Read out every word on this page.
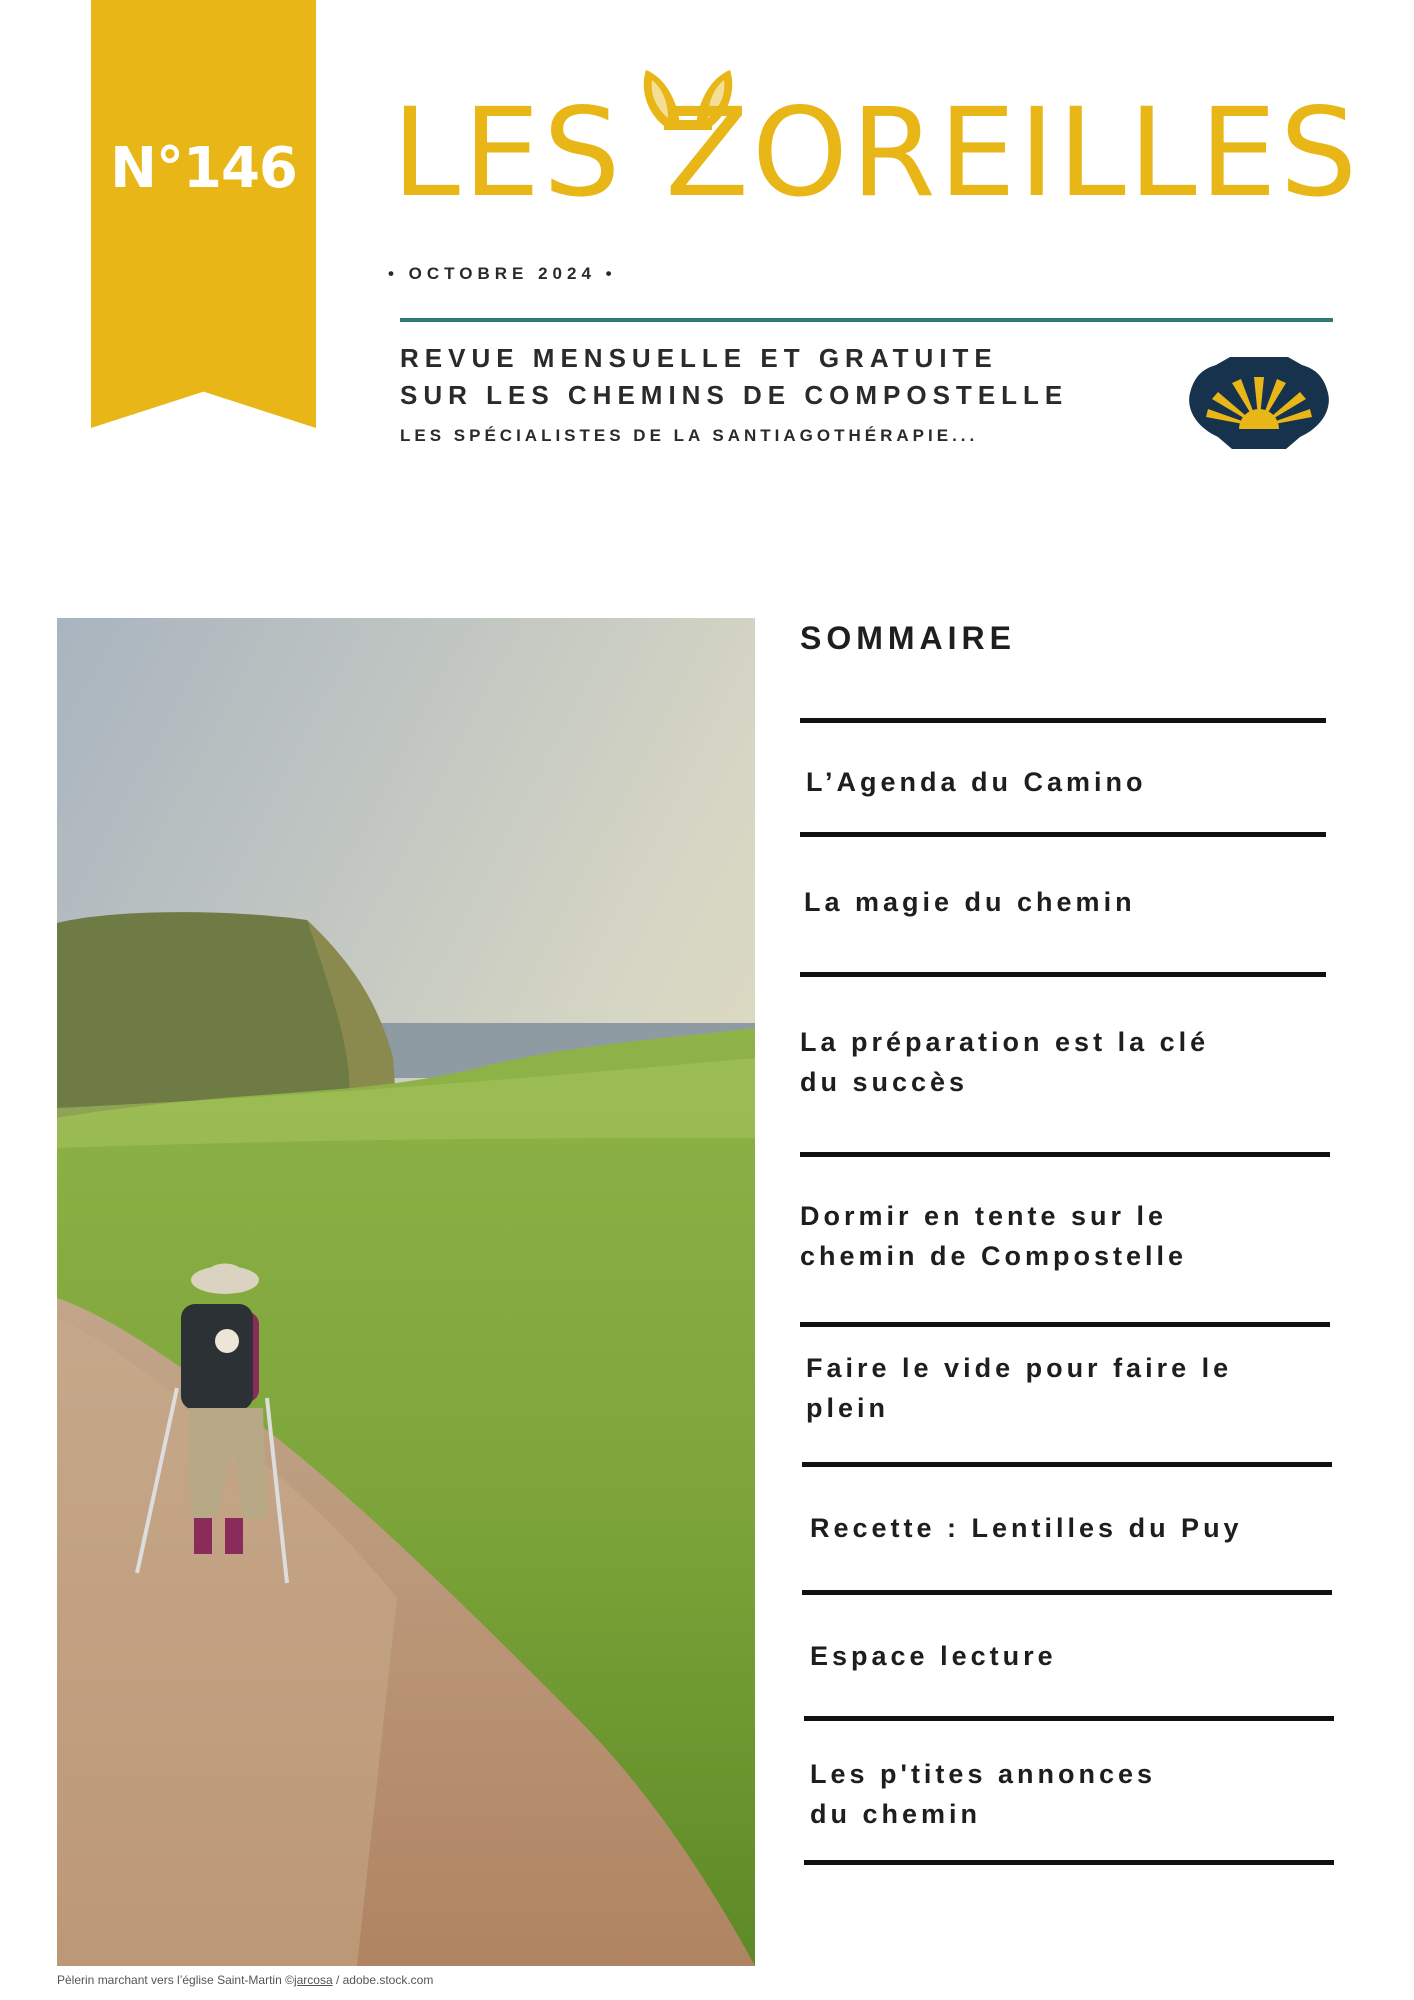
N°146 LES ZOREILLES
• OCTOBRE 2024 •
REVUE MENSUELLE ET GRATUITE
SUR LES CHEMINS DE COMPOSTELLE
LES SPÉCIALISTES DE LA SANTIAGOTHÉRAPIE...
Pèlerin marchant vers l’église Saint-Martin ©jarcosa / adobe.stock.com
SOMMAIRE
L’Agenda du Camino
La magie du chemin
La préparation est la clé
du succès
Dormir en tente sur le
chemin de Compostelle
Faire le vide pour faire le
plein
Recette : Lentilles du Puy
Espace lecture
Les p'tites annonces
du chemin
